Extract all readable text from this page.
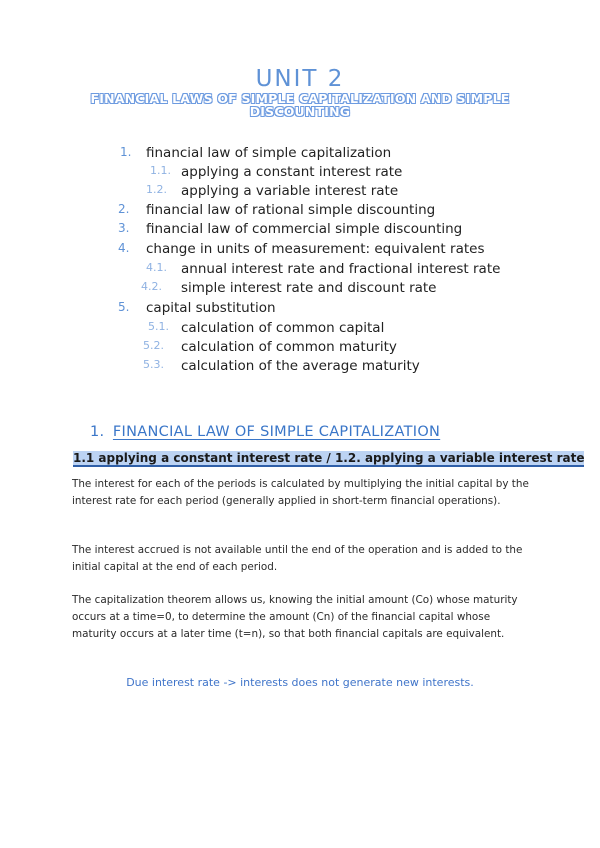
UNIT 2
FINANCIAL LAWS OF SIMPLE CAPITALIZATION AND SIMPLE DISCOUNTING
1. financial law of simple capitalization
1.1. applying a constant interest rate
1.2. applying a variable interest rate
2. financial law of rational simple discounting
3. financial law of commercial simple discounting
4. change in units of measurement: equivalent rates
4.1. annual interest rate and fractional interest rate
4.2. simple interest rate and discount rate
5. capital substitution
5.1. calculation of common capital
5.2. calculation of common maturity
5.3. calculation of the average maturity
1. FINANCIAL LAW OF SIMPLE CAPITALIZATION
1.1 applying a constant interest rate / 1.2. applying a variable interest rate
The interest for each of the periods is calculated by multiplying the initial capital by the interest rate for each period (generally applied in short-term financial operations).
The interest accrued is not available until the end of the operation and is added to the initial capital at the end of each period.
The capitalization theorem allows us, knowing the initial amount (Co) whose maturity occurs at a time=0, to determine the amount (Cn) of the financial capital whose maturity occurs at a later time (t=n), so that both financial capitals are equivalent.
Due interest rate -> interests does not generate new interests.
